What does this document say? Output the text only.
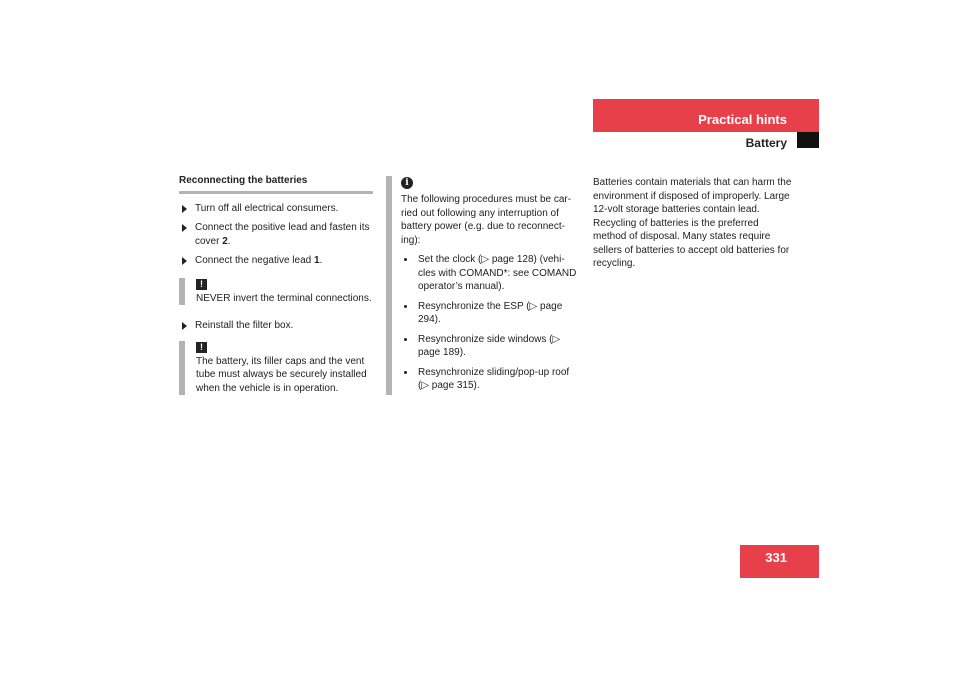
Practical hints
Battery
Reconnecting the batteries
Turn off all electrical consumers.
Connect the positive lead and fasten its cover 2.
Connect the negative lead 1.
!

NEVER invert the terminal connections.

Reinstall the filter box.
!

The battery, its filler caps and the vent tube must always be securely installed when the vehicle is in operation.

i

The following procedures must be car-ried out following any interruption of battery power (e.g. due to reconnect-ing):

Set the clock (▷ page 128) (vehi-cles with COMAND*: see COMAND operator’s manual).
Resynchronize the ESP (▷ page 294).
Resynchronize side windows (▷ page 189).
Resynchronize sliding/pop-up roof (▷ page 315).

Batteries contain materials that can harm the environment if disposed of improperly. Large 12-volt storage batteries contain lead. Recycling of batteries is the preferred method of disposal. Many states require sellers of batteries to accept old batteries for recycling.

331
